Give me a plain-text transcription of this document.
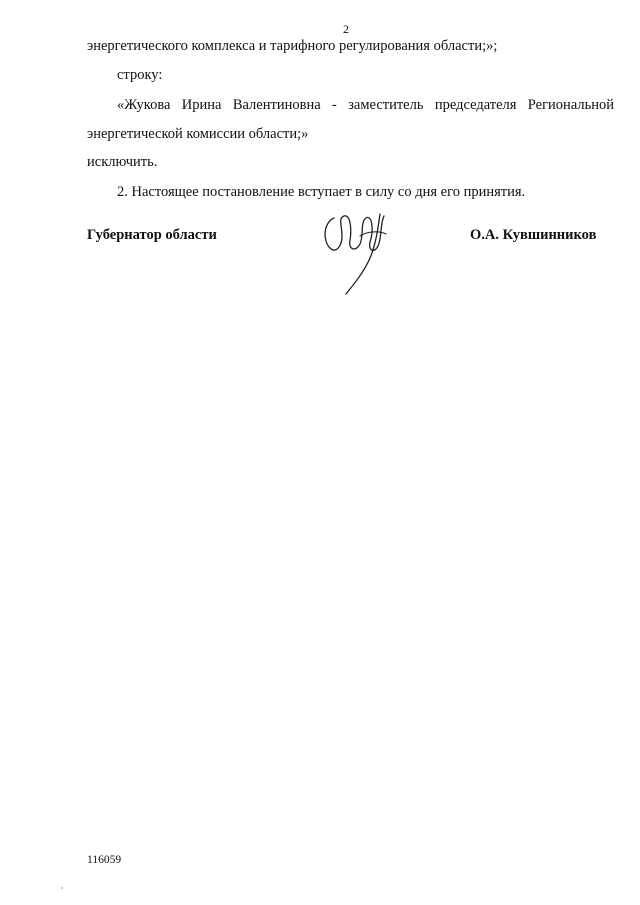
2
энергетического комплекса и тарифного регулирования области;»;
строку:
«Жукова Ирина Валентиновна - заместитель председателя Региональной
энергетической комиссии области;»
исключить.
2. Настоящее постановление вступает в силу со дня его принятия.
Губернатор области	О.А. Кувшинников
116059
